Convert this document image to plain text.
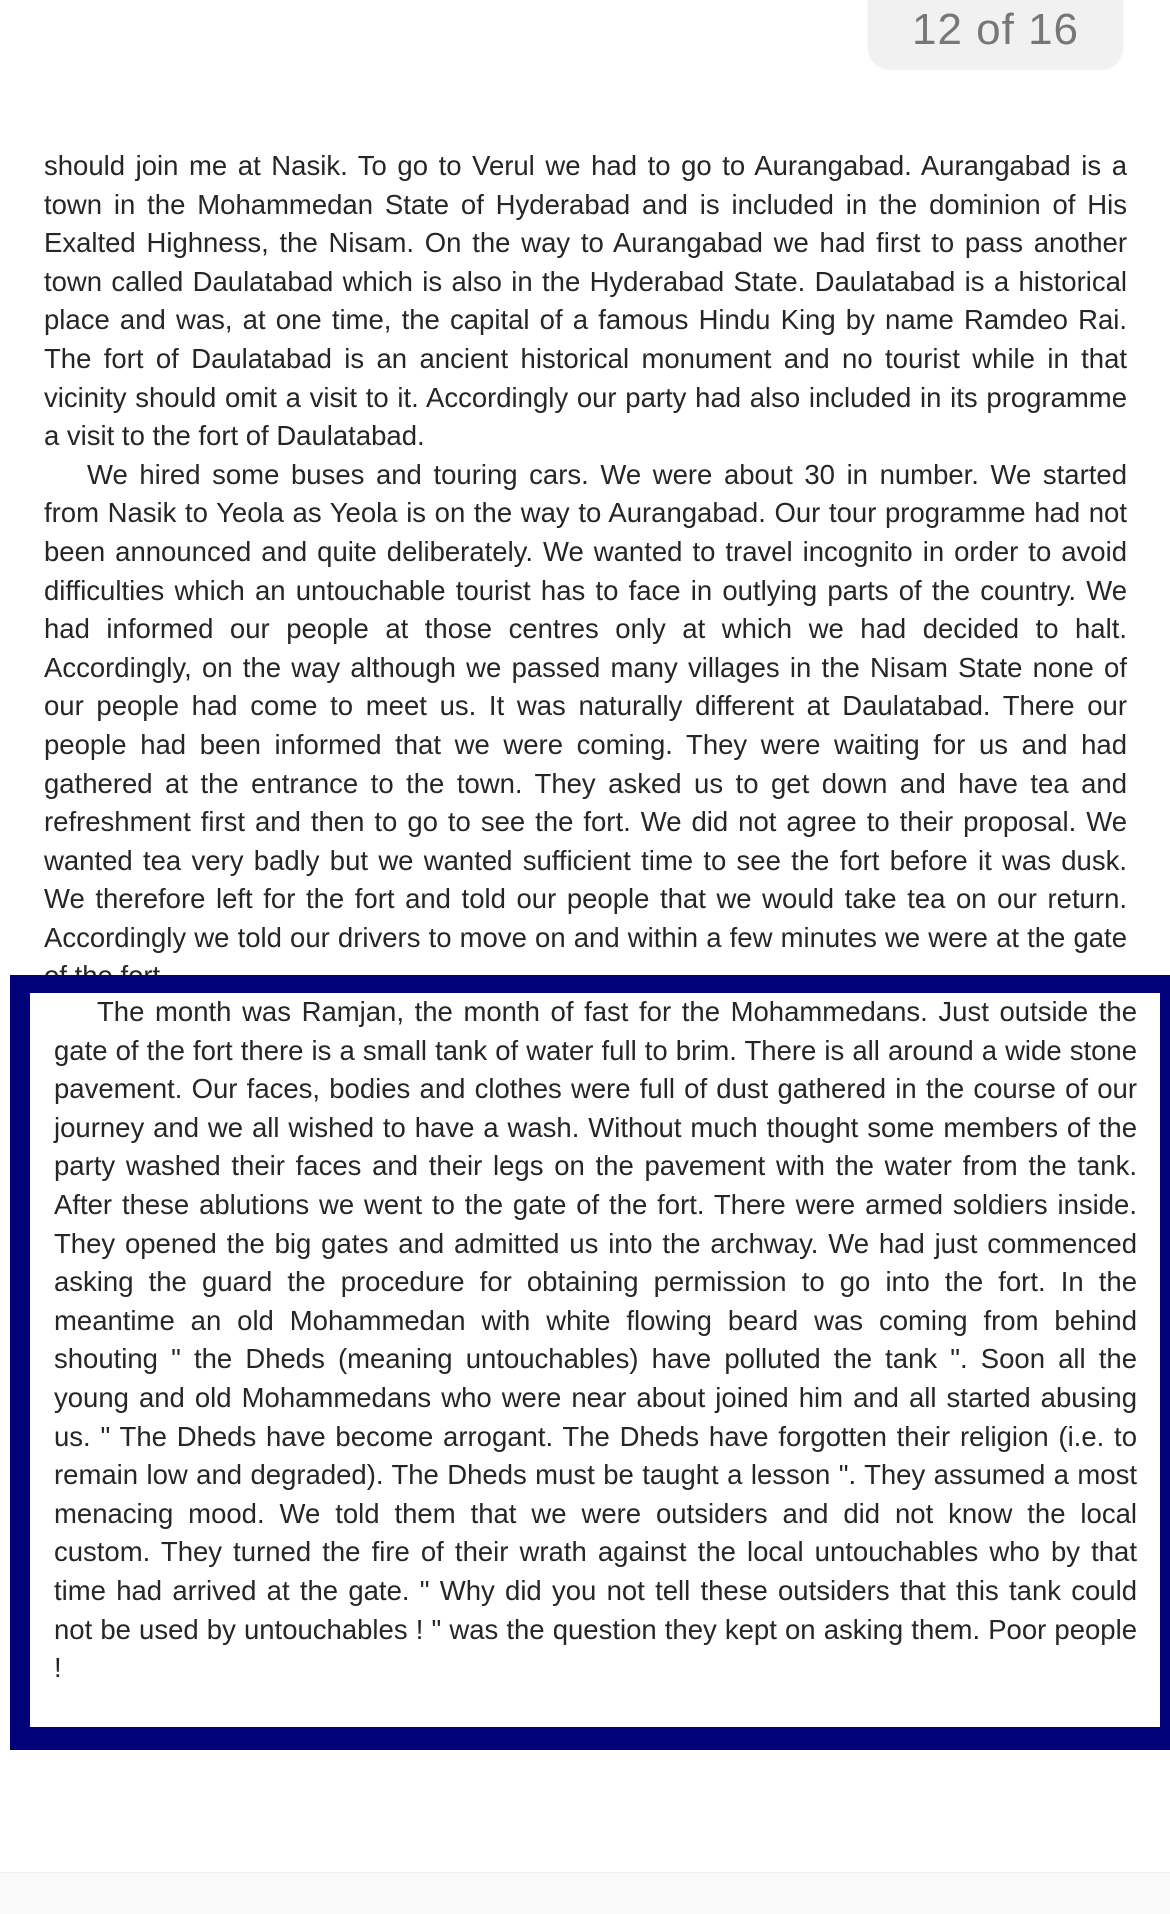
12 of 16

should join me at Nasik. To go to Verul we had to go to Aurangabad. Aurangabad is a town in the Mohammedan State of Hyderabad and is included in the dominion of His Exalted Highness, the Nisam. On the way to Aurangabad we had first to pass another town called Daulatabad which is also in the Hyderabad State. Daulatabad is a historical place and was, at one time, the capital of a famous Hindu King by name Ramdeo Rai. The fort of Daulatabad is an ancient historical monument and no tourist while in that vicinity should omit a visit to it. Accordingly our party had also included in its programme a visit to the fort of Daulatabad.

We hired some buses and touring cars. We were about 30 in number. We started from Nasik to Yeola as Yeola is on the way to Aurangabad. Our tour programme had not been announced and quite deliberately. We wanted to travel incognito in order to avoid difficulties which an untouchable tourist has to face in outlying parts of the country. We had informed our people at those centres only at which we had decided to halt. Accordingly, on the way although we passed many villages in the Nisam State none of our people had come to meet us. It was naturally different at Daulatabad. There our people had been informed that we were coming. They were waiting for us and had gathered at the entrance to the town. They asked us to get down and have tea and refreshment first and then to go to see the fort. We did not agree to their proposal. We wanted tea very badly but we wanted sufficient time to see the fort before it was dusk. We therefore left for the fort and told our people that we would take tea on our return. Accordingly we told our drivers to move on and within a few minutes we were at the gate

The month was Ramjan, the month of fast for the Mohammedans. Just outside the gate of the fort there is a small tank of water full to brim. There is all around a wide stone pavement. Our faces, bodies and clothes were full of dust gathered in the course of our journey and we all wished to have a wash. Without much thought some members of the party washed their faces and their legs on the pavement with the water from the tank. After these ablutions we went to the gate of the fort. There were armed soldiers inside. They opened the big gates and admitted us into the archway. We had just commenced asking the guard the procedure for obtaining permission to go into the fort. In the meantime an old Mohammedan with white flowing beard was coming from behind shouting " the Dheds (meaning untouchables) have polluted the tank ". Soon all the young and old Mohammedans who were near about joined him and all started abusing us. " The Dheds have become arrogant. The Dheds have forgotten their religion (i.e. to remain low and degraded). The Dheds must be taught a lesson ". They assumed a most menacing mood. We told them that we were outsiders and did not know the local custom. They turned the fire of their wrath against the local untouchables who by that time had arrived at the gate. " Why did you not tell these outsiders that this tank could not be used by untouchables ! " was the question they kept on asking them. Poor people !
